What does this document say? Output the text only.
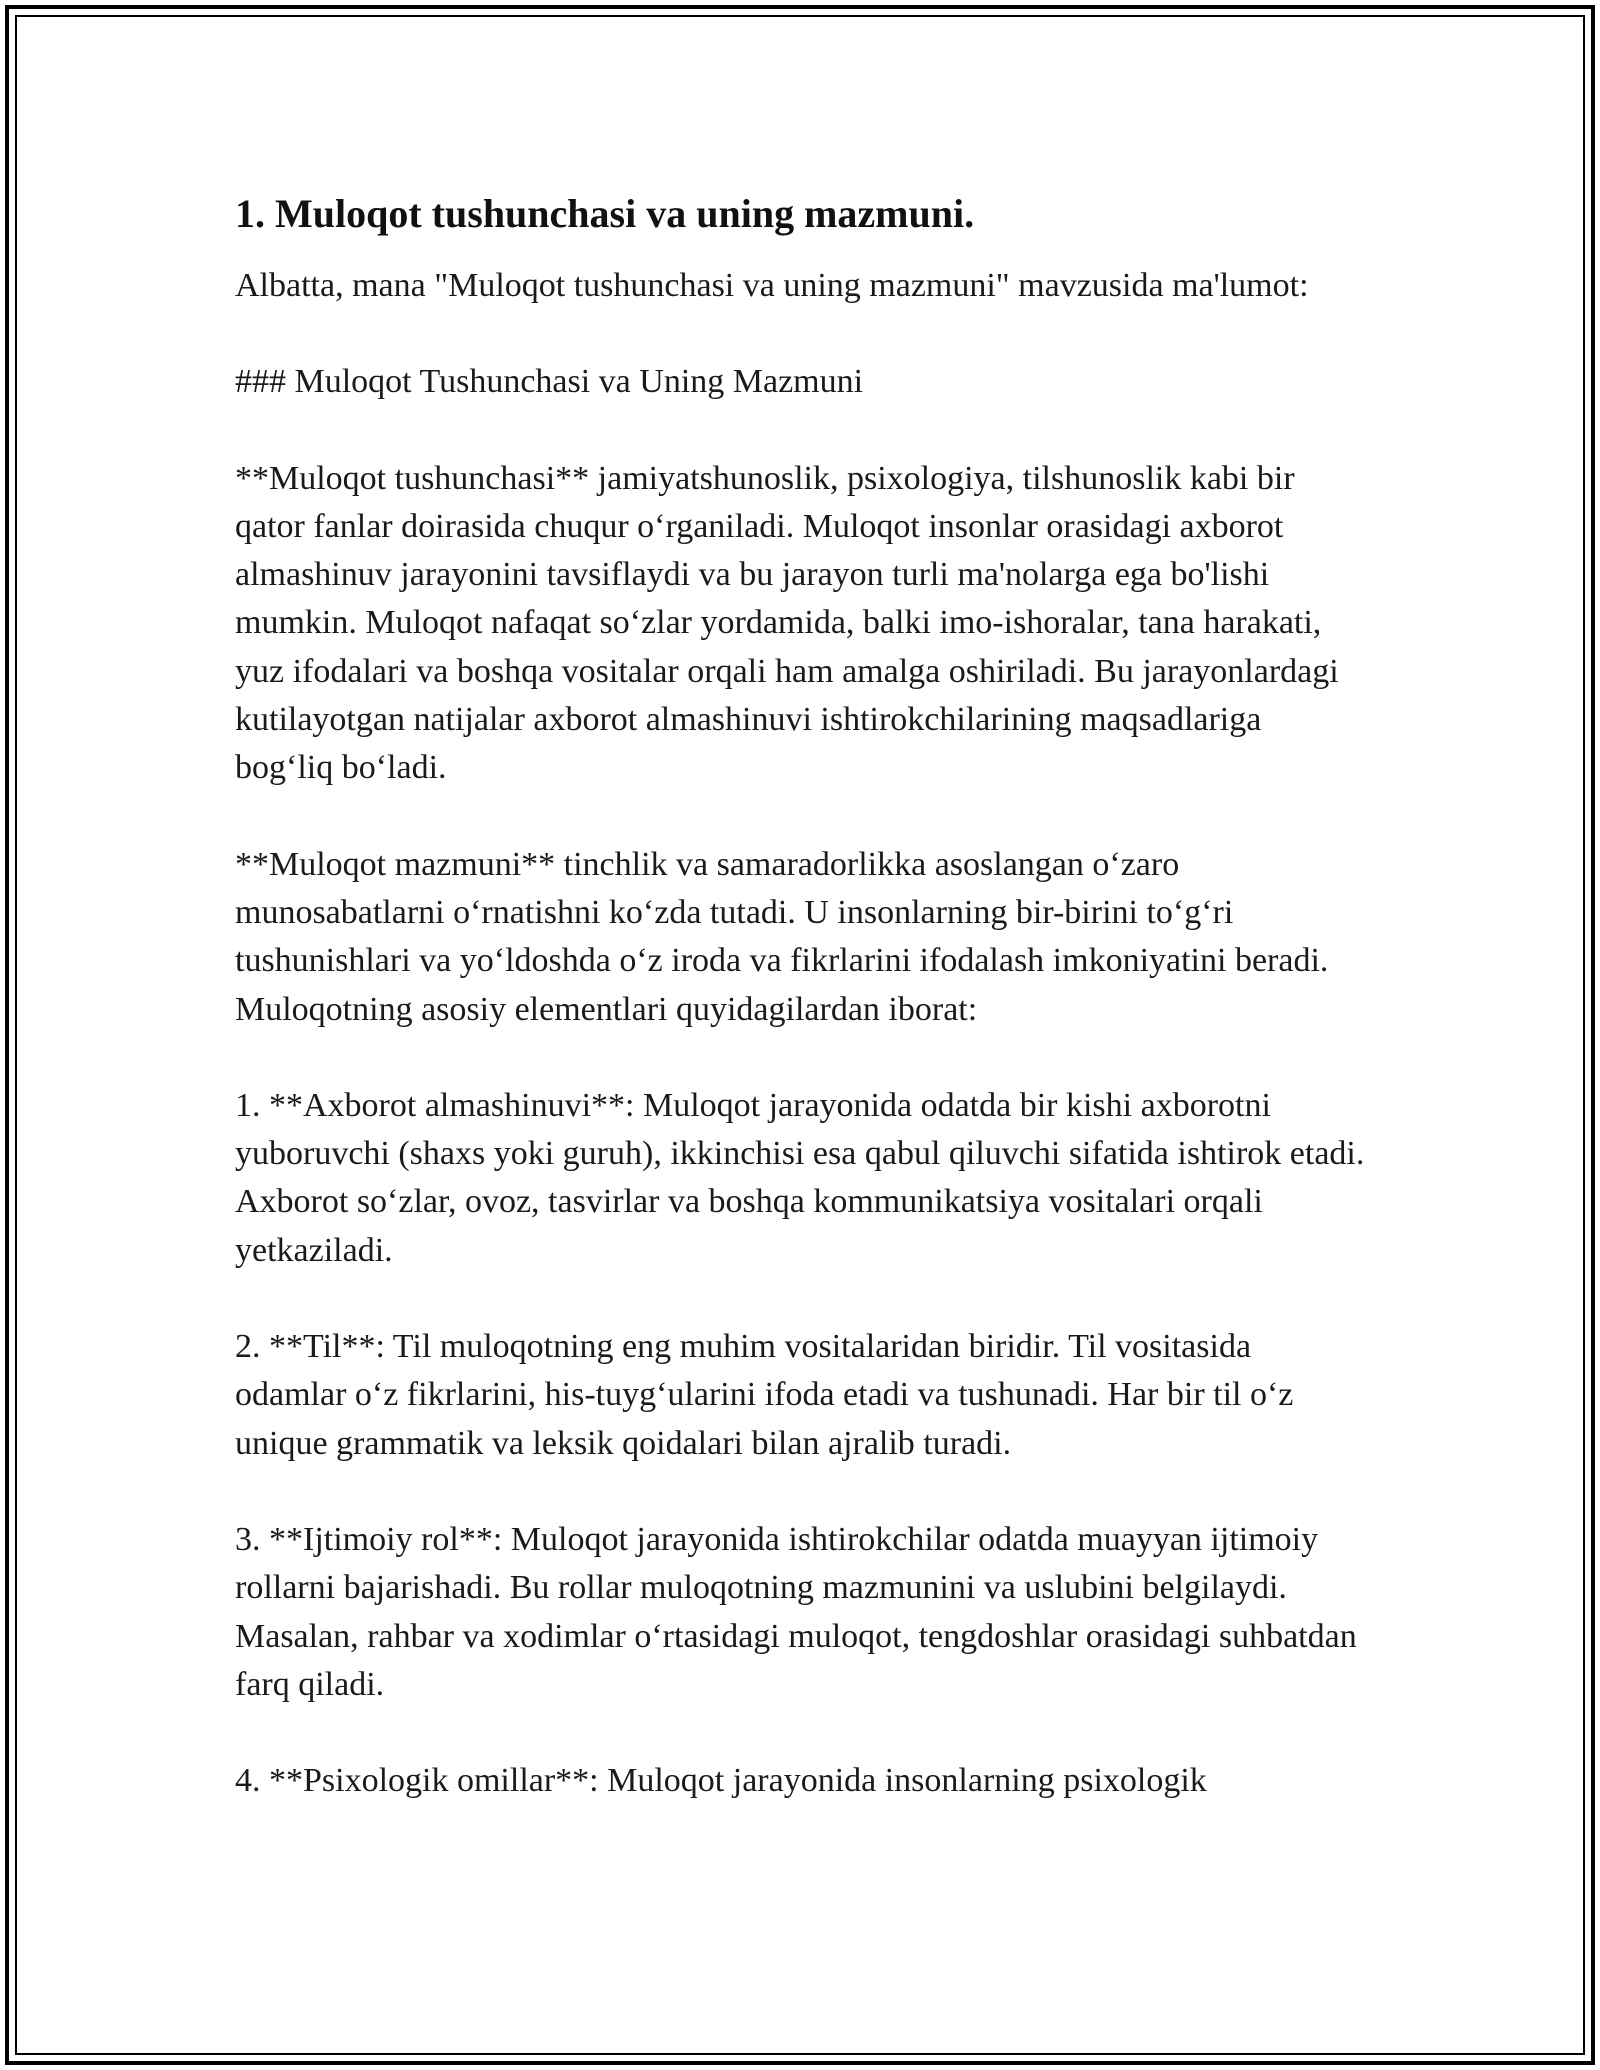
1. Muloqot tushunchasi va uning mazmuni.

Albatta, mana "Muloqot tushunchasi va uning mazmuni" mavzusida ma'lumot:

### Muloqot Tushunchasi va Uning Mazmuni

**Muloqot tushunchasi** jamiyatshunoslik, psixologiya, tilshunoslik kabi bir qator fanlar doirasida chuqur oʻrganiladi. Muloqot insonlar orasidagi axborot almashinuv jarayonini tavsiflaydi va bu jarayon turli ma'nolarga ega bo'lishi mumkin. Muloqot nafaqat soʻzlar yordamida, balki imo-ishoralar, tana harakati, yuz ifodalari va boshqa vositalar orqali ham amalga oshiriladi. Bu jarayonlardagi kutilayotgan natijalar axborot almashinuvi ishtirokchilarining maqsadlariga bogʻliq boʻladi.

**Muloqot mazmuni** tinchlik va samaradorlikka asoslangan oʻzaro munosabatlarni oʻrnatishni koʻzda tutadi. U insonlarning bir-birini toʻgʻri tushunishlari va yoʻldoshda oʻz iroda va fikrlarini ifodalash imkoniyatini beradi. Muloqotning asosiy elementlari quyidagilardan iborat:

1. **Axborot almashinuvi**: Muloqot jarayonida odatda bir kishi axborotni yuboruvchi (shaxs yoki guruh), ikkinchisi esa qabul qiluvchi sifatida ishtirok etadi. Axborot soʻzlar, ovoz, tasvirlar va boshqa kommunikatsiya vositalari orqali yetkaziladi.

2. **Til**: Til muloqotning eng muhim vositalaridan biridir. Til vositasida odamlar oʻz fikrlarini, his-tuygʻularini ifoda etadi va tushunadi. Har bir til oʻz unique grammatik va leksik qoidalari bilan ajralib turadi.

3. **Ijtimoiy rol**: Muloqot jarayonida ishtirokchilar odatda muayyan ijtimoiy rollarni bajarishadi. Bu rollar muloqotning mazmunini va uslubini belgilaydi. Masalan, rahbar va xodimlar oʻrtasidagi muloqot, tengdoshlar orasidagi suhbatdan farq qiladi.

4. **Psixologik omillar**: Muloqot jarayonida insonlarning psixologik
